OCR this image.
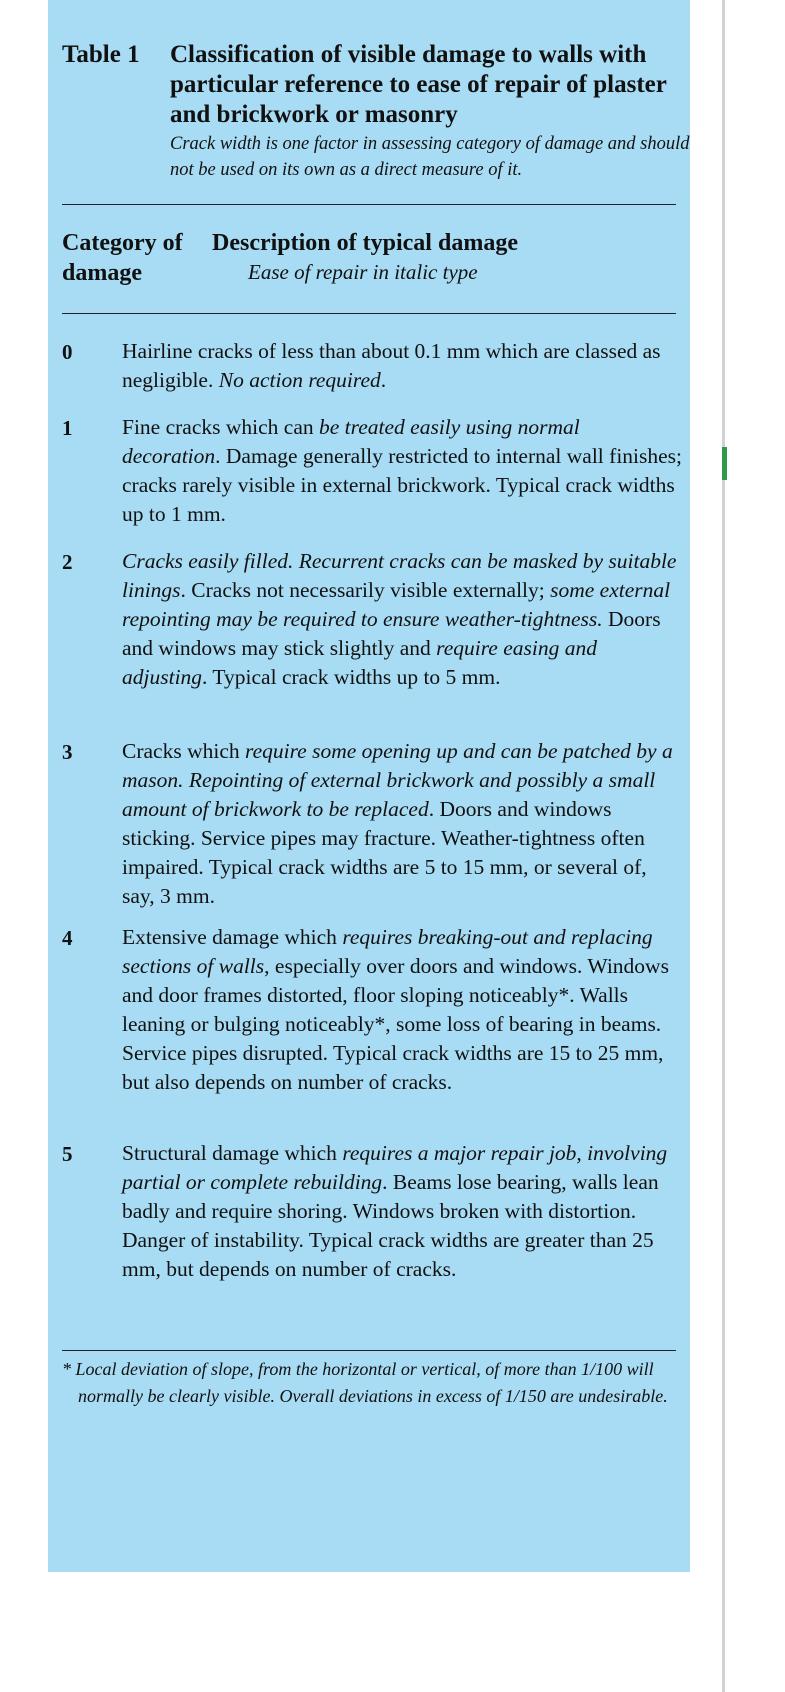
Table 1 Classification of visible damage to walls with particular reference to ease of repair of plaster and brickwork or masonry
Crack width is one factor in assessing category of damage and should not be used on its own as a direct measure of it.
Category of damage
Description of typical damage
Ease of repair in italic type
0	Hairline cracks of less than about 0.1 mm which are classed as negligible. No action required.
1	Fine cracks which can be treated easily using normal decoration. Damage generally restricted to internal wall finishes; cracks rarely visible in external brickwork. Typical crack widths up to 1 mm.
2	Cracks easily filled. Recurrent cracks can be masked by suitable linings. Cracks not necessarily visible externally; some external repointing may be required to ensure weather-tightness. Doors and windows may stick slightly and require easing and adjusting. Typical crack widths up to 5 mm.
3	Cracks which require some opening up and can be patched by a mason. Repointing of external brickwork and possibly a small amount of brickwork to be replaced. Doors and windows sticking. Service pipes may fracture. Weather-tightness often impaired. Typical crack widths are 5 to 15 mm, or several of, say, 3 mm.
4	Extensive damage which requires breaking-out and replacing sections of walls, especially over doors and windows. Windows and door frames distorted, floor sloping noticeably*. Walls leaning or bulging noticeably*, some loss of bearing in beams. Service pipes disrupted. Typical crack widths are 15 to 25 mm, but also depends on number of cracks.
5	Structural damage which requires a major repair job, involving partial or complete rebuilding. Beams lose bearing, walls lean badly and require shoring. Windows broken with distortion. Danger of instability. Typical crack widths are greater than 25 mm, but depends on number of cracks.
* Local deviation of slope, from the horizontal or vertical, of more than 1/100 will normally be clearly visible. Overall deviations in excess of 1/150 are undesirable.
